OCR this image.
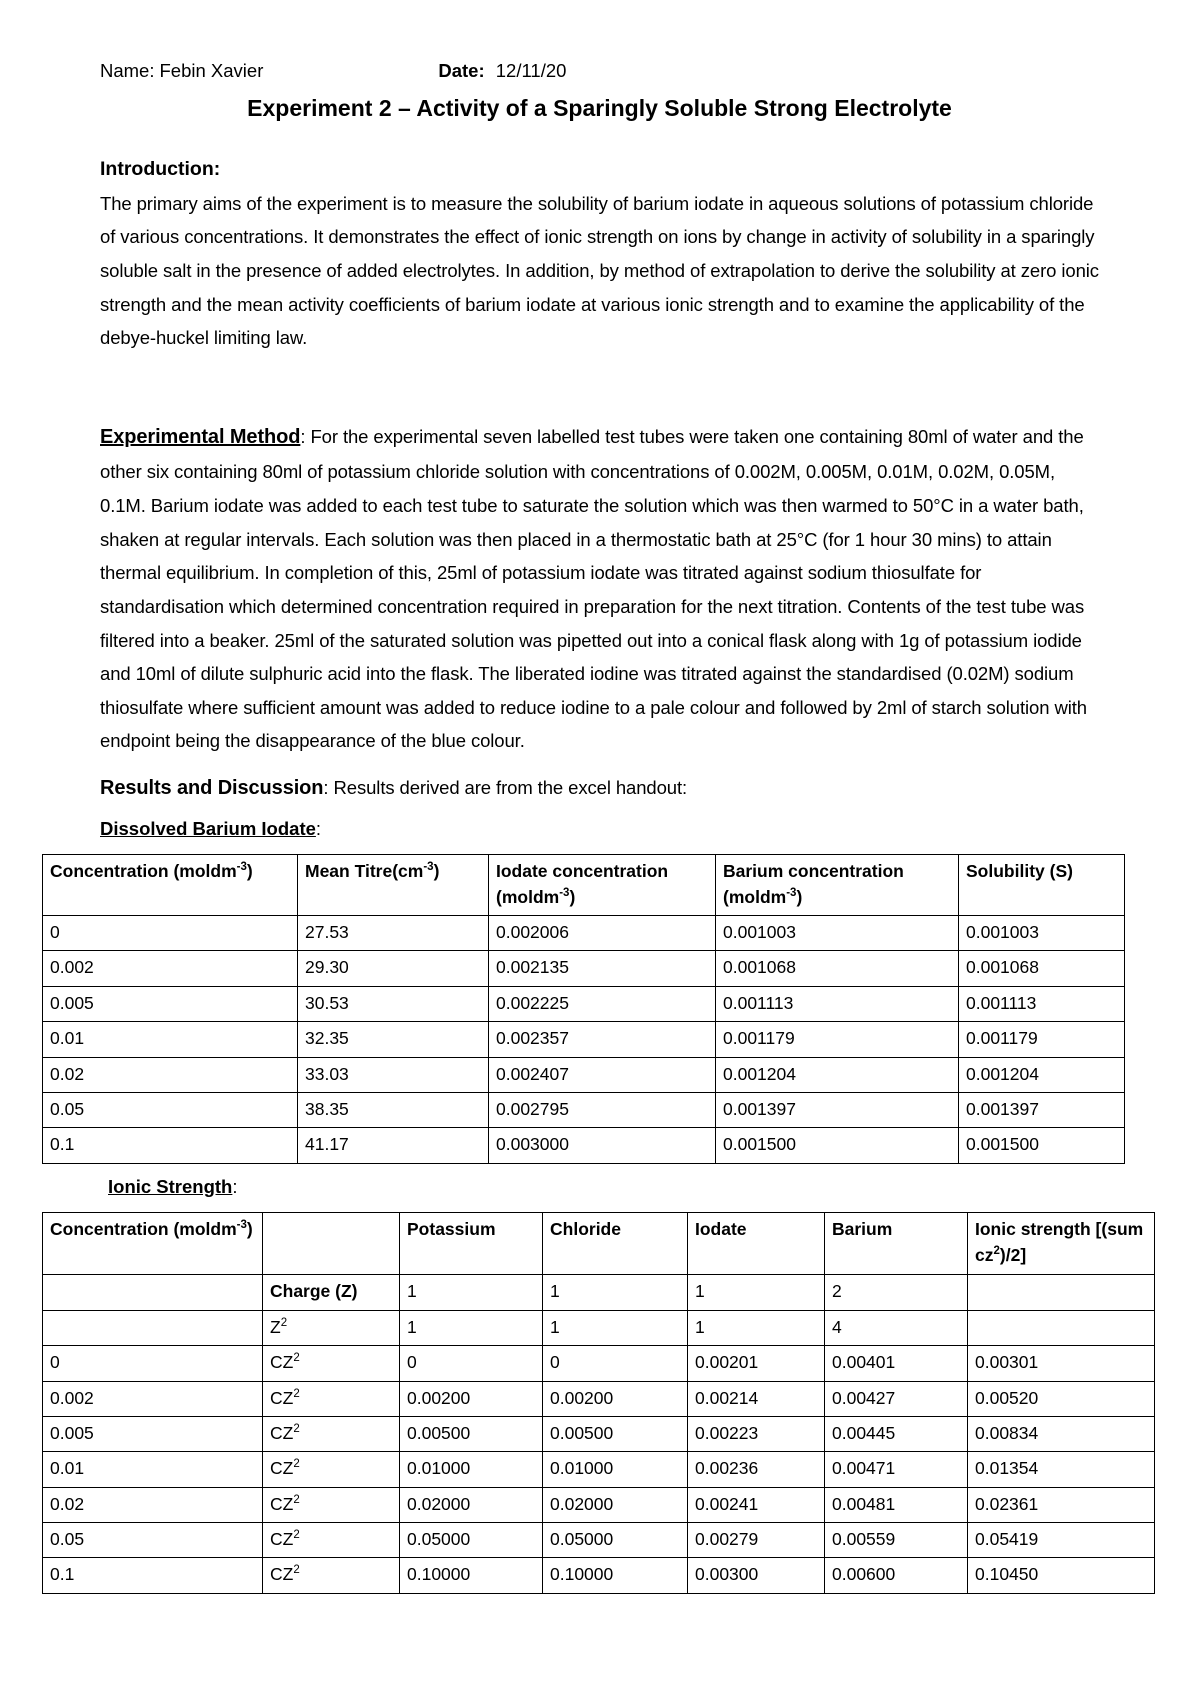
Name: Febin Xavier	Date: 12/11/20
Experiment 2 – Activity of a Sparingly Soluble Strong Electrolyte
Introduction:

The primary aims of the experiment is to measure the solubility of barium iodate in aqueous solutions of potassium chloride of various concentrations. It demonstrates the effect of ionic strength on ions by change in activity of solubility in a sparingly soluble salt in the presence of added electrolytes. In addition, by method of extrapolation to derive the solubility at zero ionic strength and the mean activity coefficients of barium iodate at various ionic strength and to examine the applicability of the debye-huckel limiting law.

Experimental Method: For the experimental seven labelled test tubes were taken one containing 80ml of water and the other six containing 80ml of potassium chloride solution with concentrations of 0.002M, 0.005M, 0.01M, 0.02M, 0.05M, 0.1M. Barium iodate was added to each test tube to saturate the solution which was then warmed to 50°C in a water bath, shaken at regular intervals. Each solution was then placed in a thermostatic bath at 25°C (for 1 hour 30 mins) to attain thermal equilibrium. In completion of this, 25ml of potassium iodate was titrated against sodium thiosulfate for standardisation which determined concentration required in preparation for the next titration. Contents of the test tube was filtered into a beaker. 25ml of the saturated solution was pipetted out into a conical flask along with 1g of potassium iodide and 10ml of dilute sulphuric acid into the flask. The liberated iodine was titrated against the standardised (0.02M) sodium thiosulfate where sufficient amount was added to reduce iodine to a pale colour and followed by 2ml of starch solution with endpoint being the disappearance of the blue colour.

Results and Discussion: Results derived are from the excel handout:

Dissolved Barium Iodate:

Concentration (moldm$^{-3}$)	Mean $Titre(cm^{-3})$	Iodate concentration (moldm$^{-3}$)	Barium concentration (moldm$^{-3}$)	Solubility (S)
0	27.53	0.002006	0.001003	0.001003
0.002	29.30	0.002135	0.001068	0.001068
0.005	30.53	0.002225	0.001113	0.001113
0.01	32.35	0.002357	0.001179	0.001179
0.02	33.03	0.002407	0.001204	0.001204
0.05	38.35	0.002795	0.001397	0.001397
0.1	41.17	0.003000	0.001500	0.001500

Ionic Strength:

Concentration (moldm$^{-3}$)		Potassium	Chloride	Iodate	Barium	Ionic strength [(sum $cz^2)/2$]
	Charge (Z)	1	1	1	2	
	$Z^2$	1	1	1	4	
0	$CZ^2$	0	0	0.00201	0.00401	0.00301
0.002	$CZ^2$	0.00200	0.00200	0.00214	0.00427	0.00520
0.005	$CZ^2$	0.00500	0.00500	0.00223	0.00445	0.00834
0.01	$CZ^2$	0.01000	0.01000	0.00236	0.00471	0.01354
0.02	$CZ^2$	0.02000	0.02000	0.00241	0.00481	0.02361
0.05	$CZ^2$	0.05000	0.05000	0.00279	0.00559	0.05419
0.1	$CZ^2$	0.10000	0.10000	0.00300	0.00600	0.10450
